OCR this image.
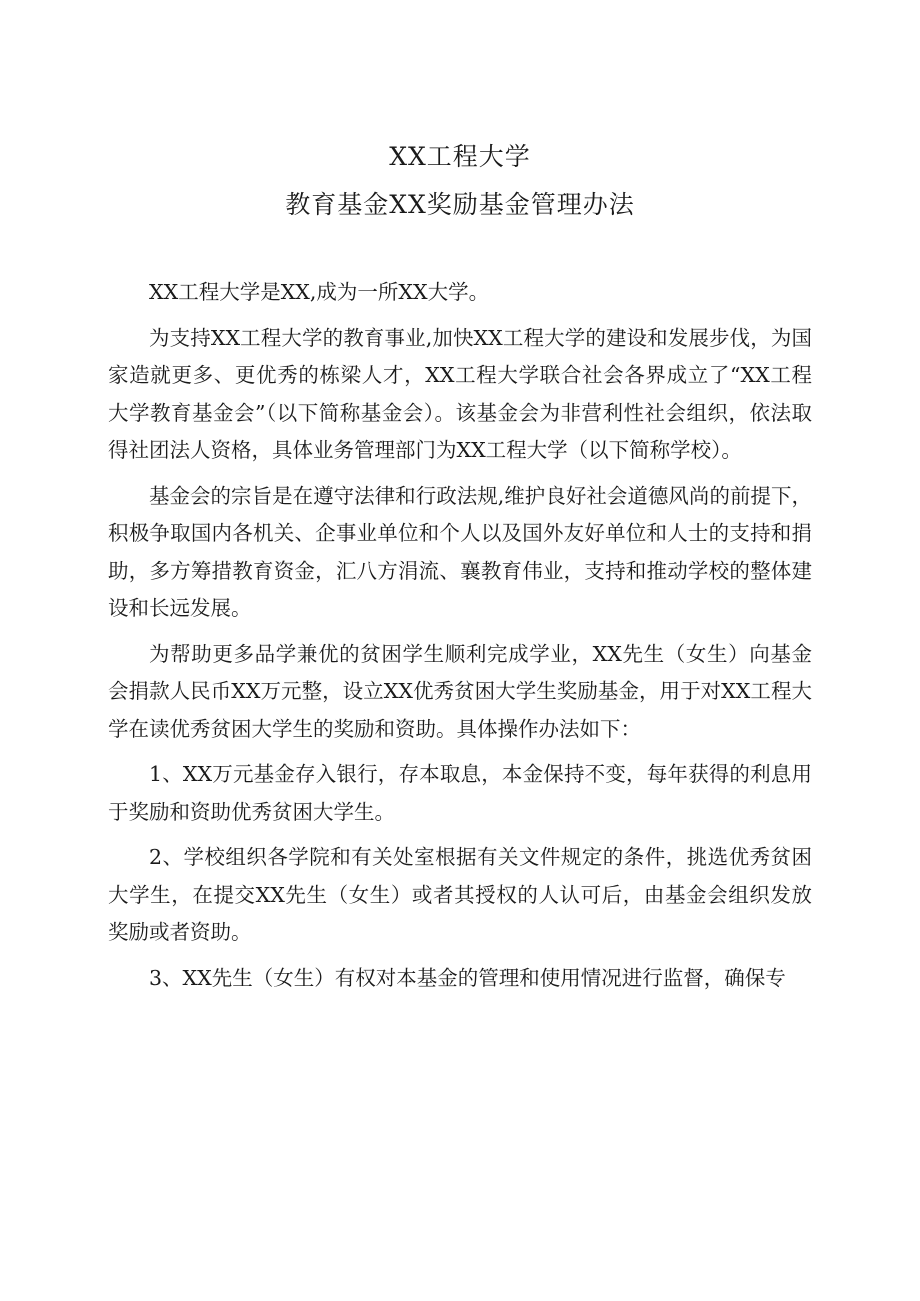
XX工程大学
教育基金XX奖励基金管理办法

XX工程大学是XX,成为一所XX大学。

为支持XX工程大学的教育事业,加快XX工程大学的建设和发展步伐，为国家造就更多、更优秀的栋梁人才，XX工程大学联合社会各界成立了“XX工程大学教育基金会”（以下简称基金会）。该基金会为非营利性社会组织，依法取得社团法人资格，具体业务管理部门为XX工程大学（以下简称学校）。

基金会的宗旨是在遵守法律和行政法规,维护良好社会道德风尚的前提下，积极争取国内各机关、企事业单位和个人以及国外友好单位和人士的支持和捐助，多方筹措教育资金，汇八方涓流、襄教育伟业，支持和推动学校的整体建设和长远发展。

为帮助更多品学兼优的贫困学生顺利完成学业，XX先生（女生）向基金会捐款人民币XX万元整，设立XX优秀贫困大学生奖励基金，用于对XX工程大学在读优秀贫困大学生的奖励和资助。具体操作办法如下：

1、XX万元基金存入银行，存本取息，本金保持不变，每年获得的利息用于奖励和资助优秀贫困大学生。

2、学校组织各学院和有关处室根据有关文件规定的条件，挑选优秀贫困大学生，在提交XX先生（女生）或者其授权的人认可后，由基金会组织发放奖励或者资助。

3、XX先生（女生）有权对本基金的管理和使用情况进行监督，确保专
